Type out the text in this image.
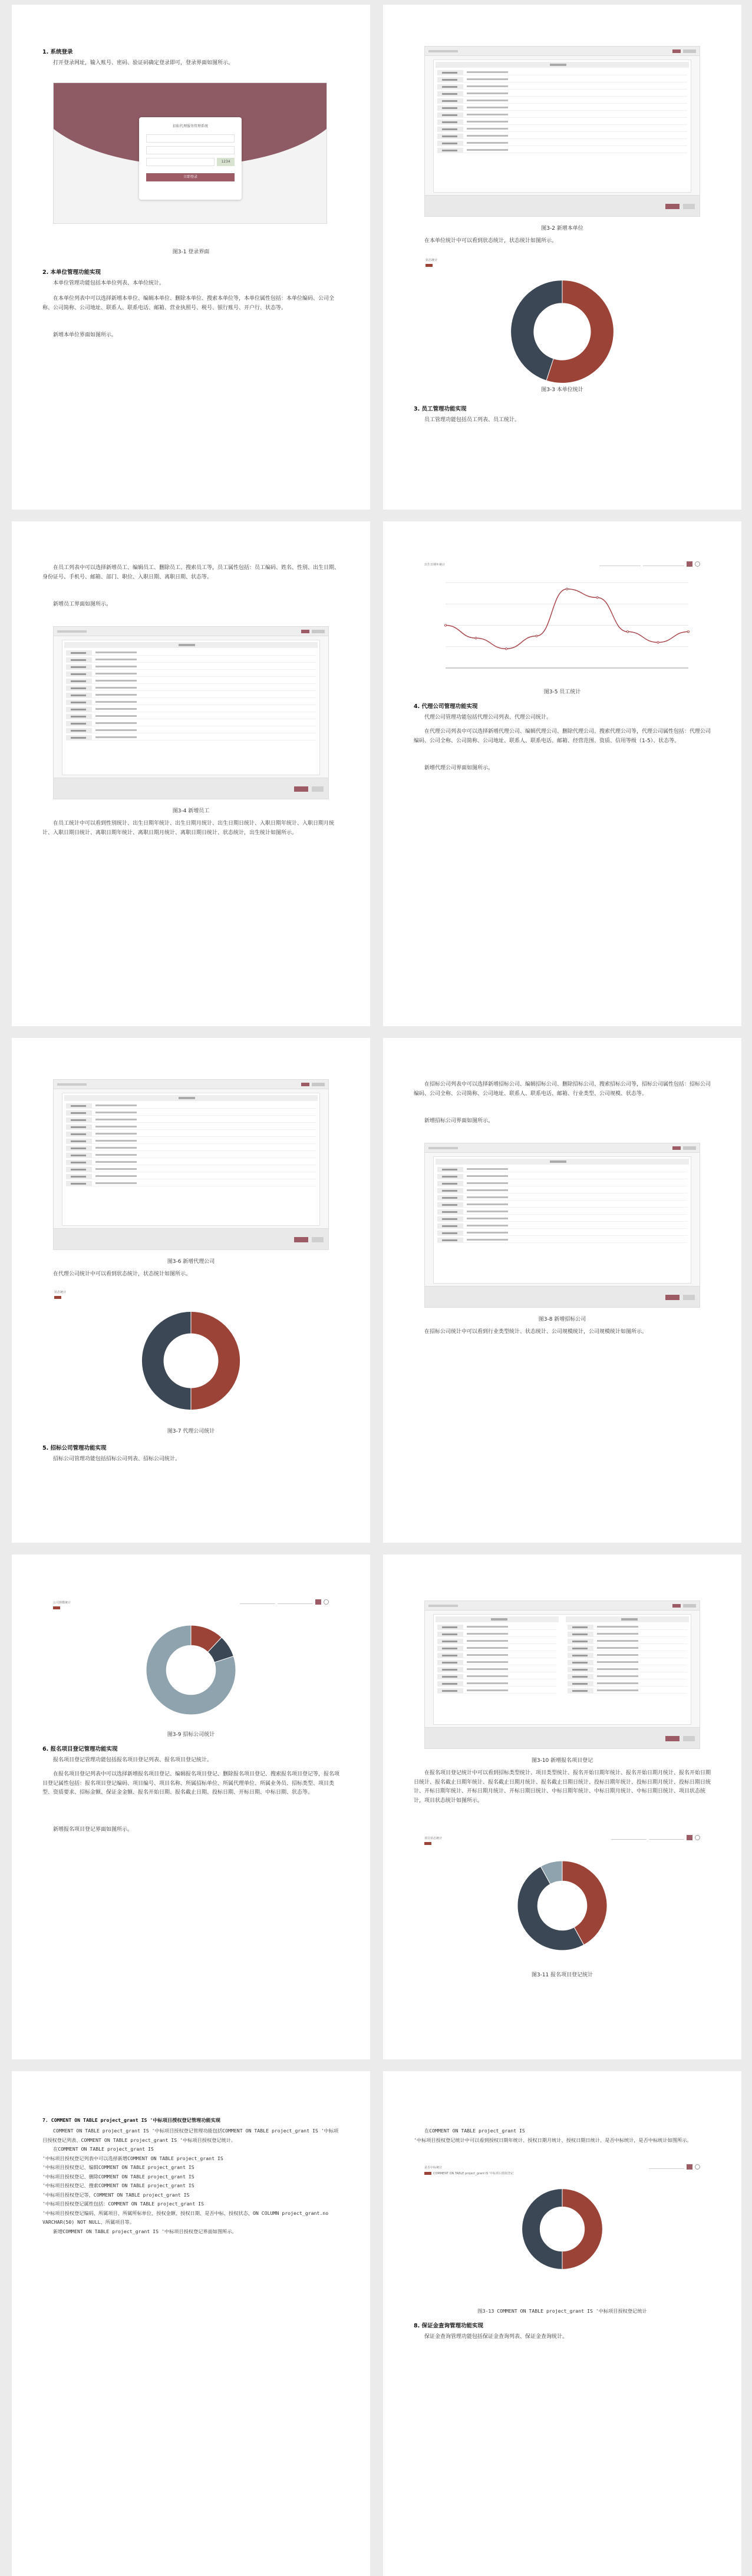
1. 系统登录
打开登录网址，输入账号、密码、验证码确定登录即可，登录界面如图所示。
招标代理服务管理系统
1234
立即登录
图3-1 登录界面
2. 本单位管理功能实现
本单位管理功能包括本单位列表、本单位统计。
在本单位列表中可以选择新增本单位、编辑本单位、删除本单位、搜索本单位等，本单位属性包括：本单位编码、公司全称、公司简称、公司地址、联系人、联系电话、邮箱、营业执照号、税号、银行账号、开户行、状态等。
新增本单位界面如图所示。
图3-2 新增本单位
在本单位统计中可以看到状态统计，状态统计如图所示。
状态统计
图3-3 本单位统计
3. 员工管理功能实现
员工管理功能包括员工列表、员工统计。
在员工列表中可以选择新增员工、编辑员工、删除员工、搜索员工等，员工属性包括：员工编码、姓名、性别、出生日期、身份证号、手机号、邮箱、部门、职位、入职日期、离职日期、状态等。
新增员工界面如图所示。
图3-4 新增员工
在员工统计中可以看到性别统计、出生日期年统计、出生日期月统计、出生日期日统计、入职日期年统计、入职日期月统计、入职日期日统计、离职日期年统计、离职日期月统计、离职日期日统计、状态统计，出生统计如图所示。
出生日期年统计
图3-5 员工统计
4. 代理公司管理功能实现
代理公司管理功能包括代理公司列表、代理公司统计。
在代理公司列表中可以选择新增代理公司、编辑代理公司、删除代理公司、搜索代理公司等，代理公司属性包括：代理公司编码、公司全称、公司简称、公司地址、联系人、联系电话、邮箱、经营范围、资质、信用等级（1-5）、状态等。
新增代理公司界面如图所示。
图3-6 新增代理公司
在代理公司统计中可以看到状态统计，状态统计如图所示。
状态统计
图3-7 代理公司统计
5. 招标公司管理功能实现
招标公司管理功能包括招标公司列表、招标公司统计。
在招标公司列表中可以选择新增招标公司、编辑招标公司、删除招标公司、搜索招标公司等，招标公司属性包括：招标公司编码、公司全称、公司简称、公司地址、联系人、联系电话、邮箱、行业类型、公司规模、状态等。
新增招标公司界面如图所示。
图3-8 新增招标公司
在招标公司统计中可以看到行业类型统计、状态统计、公司规模统计，公司规模统计如图所示。
公司规模统计
图3-9 招标公司统计
6. 报名项目登记管理功能实现
报名项目登记管理功能包括报名项目登记列表、报名项目登记统计。
在报名项目登记列表中可以选择新增报名项目登记、编辑报名项目登记、删除报名项目登记、搜索报名项目登记等，报名项目登记属性包括：报名项目登记编码、项目编号、项目名称、所属招标单位、所属代理单位、所属业务员、招标类型、项目类型、资质要求、招标金额、保证金金额、报名开始日期、报名截止日期、投标日期、开标日期、中标日期、状态等。
新增报名项目登记界面如图所示。
图3-10 新增报名项目登记
在报名项目登记统计中可以看到招标类型统计、项目类型统计、报名开始日期年统计、报名开始日期月统计、报名开始日期日统计、报名截止日期年统计、报名截止日期月统计、报名截止日期日统计、投标日期年统计、投标日期月统计、投标日期日统计、开标日期年统计、开标日期月统计、开标日期日统计、中标日期年统计、中标日期月统计、中标日期日统计、项目状态统计，项目状态统计如图所示。
项目状态统计
图3-11 报名项目登记统计
7. COMMENT ON TABLE project_grant IS '中标项目授权登记管理功能实现
COMMENT ON TABLE project_grant IS '中标项目授权登记管理功能包括COMMENT ON TABLE project_grant IS '中标项目授权登记列表、COMMENT ON TABLE project_grant IS '中标项目授权登记统计。
在COMMENT ON TABLE project_grant IS
'中标项目授权登记列表中可以选择新增COMMENT ON TABLE project_grant IS
'中标项目授权登记、编辑COMMENT ON TABLE project_grant IS
'中标项目授权登记、删除COMMENT ON TABLE project_grant IS
'中标项目授权登记、搜索COMMENT ON TABLE project_grant IS
'中标项目授权登记等，COMMENT ON TABLE project_grant IS
'中标项目授权登记属性包括：COMMENT ON TABLE project_grant IS
'中标项目授权登记编码、所属项目、所属所标单位、授权金额、授权日期、是否中标、授权状态、ON COLUMN project_grant.no VARCHAR(50) NOT NULL、所属项目等。
新增COMMENT ON TABLE project_grant IS '中标项目授权登记界面如图所示。
在COMMENT ON TABLE project_grant IS
'中标项目授权登记统计中可以看到授权日期年统计、授权日期月统计、授权日期日统计、是否中标统计，是否中标统计如图所示。
是否中标统计
COMMENT ON TABLE project_grant IS '中标项目授权登记
图3-13 COMMENT ON TABLE project_grant IS '中标项目授权登记统计
8. 保证金查询管理功能实现
保证金查询管理功能包括保证金查询列表、保证金查询统计。
